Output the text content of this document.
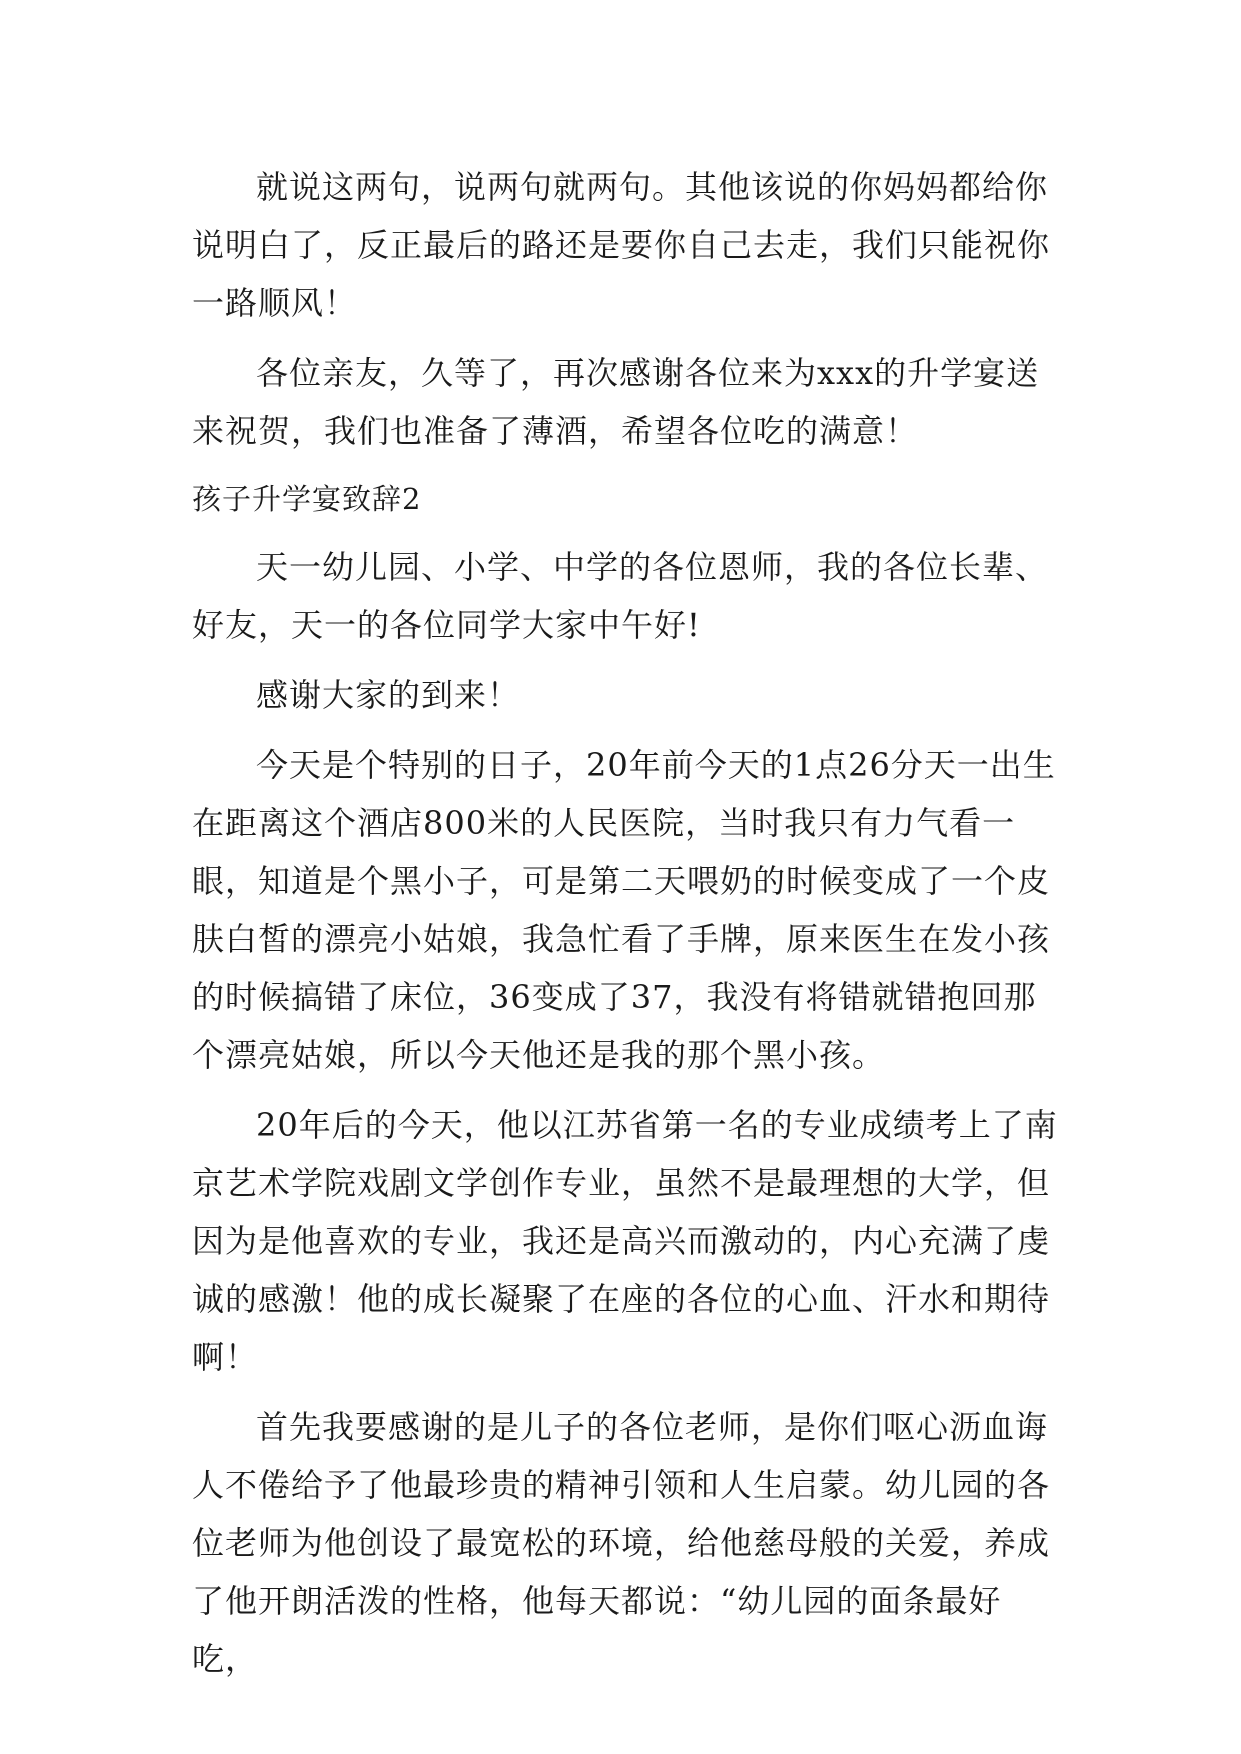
就说这两句，说两句就两句。其他该说的你妈妈都给你说明白了，反正最后的路还是要你自己去走，我们只能祝你一路顺风！

各位亲友，久等了，再次感谢各位来为xxx的升学宴送来祝贺，我们也准备了薄酒，希望各位吃的满意！

孩子升学宴致辞2

天一幼儿园、小学、中学的各位恩师，我的各位长辈、好友，天一的各位同学大家中午好!

感谢大家的到来！

今天是个特别的日子，20年前今天的1点26分天一出生在距离这个酒店800米的人民医院，当时我只有力气看一眼，知道是个黑小子，可是第二天喂奶的时候变成了一个皮肤白皙的漂亮小姑娘，我急忙看了手牌，原来医生在发小孩的时候搞错了床位，36变成了37，我没有将错就错抱回那个漂亮姑娘，所以今天他还是我的那个黑小孩。

20年后的今天，他以江苏省第一名的专业成绩考上了南京艺术学院戏剧文学创作专业，虽然不是最理想的大学，但因为是他喜欢的专业，我还是高兴而激动的，内心充满了虔诚的感激！他的成长凝聚了在座的各位的心血、汗水和期待啊！

首先我要感谢的是儿子的各位老师，是你们呕心沥血诲人不倦给予了他最珍贵的精神引领和人生启蒙。幼儿园的各位老师为他创设了最宽松的环境，给他慈母般的关爱，养成了他开朗活泼的性格，他每天都说：“幼儿园的面条最好吃，
